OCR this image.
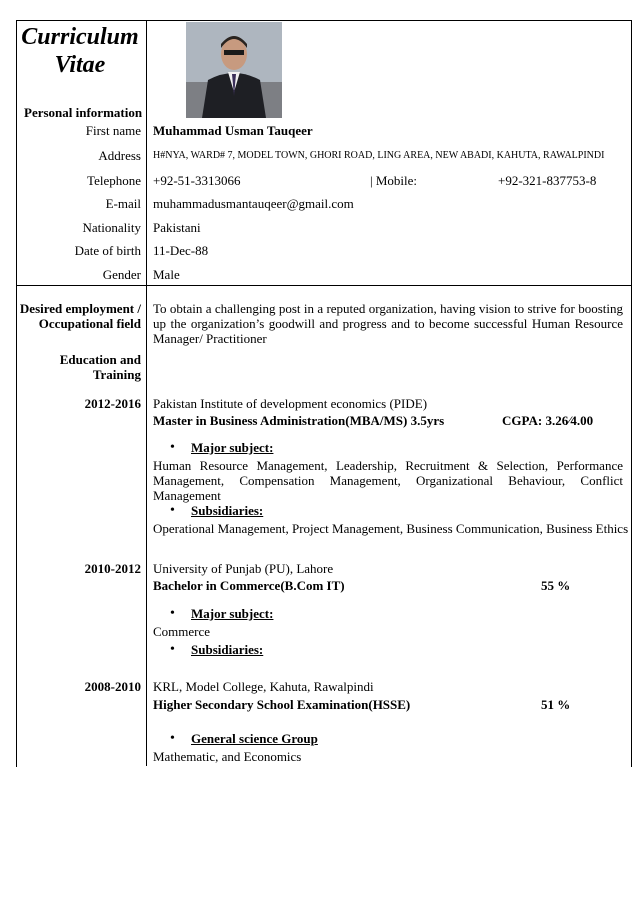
Curriculum
Vitae
Personal information
First name Muhammad Usman Tauqeer
Address H#NYA, WARD# 7, MODEL TOWN, GHORI ROAD, LING AREA, NEW ABADI, KAHUTA, RAWALPINDI
Telephone +92-51-3313066	| Mobile:	+92-321-837753-8
E-mail muhammadusmantauqeer@gmail.com
Nationality Pakistani
Date of birth 11-Dec-88
Gender Male
Desired employment /
Occupational field
To obtain a challenging post in a reputed organization, having vision to strive for boosting up the organization’s goodwill and progress and to become successful Human Resource Manager/ Practitioner
Education and
Training
2012-2016 Pakistan Institute of development economics (PIDE)
Master in Business Administration(MBA/MS) 3.5yrs	CGPA: 3.26⁄4.00
• Major subject:
Human Resource Management, Leadership, Recruitment & Selection, Performance Management, Compensation Management, Organizational Behaviour, Conflict Management
• Subsidiaries:
Operational Management, Project Management, Business Communication, Business Ethics
2010-2012 University of Punjab (PU), Lahore
Bachelor in Commerce(B.Com IT)	55 %
• Major subject:
Commerce
• Subsidiaries:
2008-2010 KRL, Model College, Kahuta, Rawalpindi
Higher Secondary School Examination(HSSE)	51 %
• General science Group
Mathematic, and Economics
